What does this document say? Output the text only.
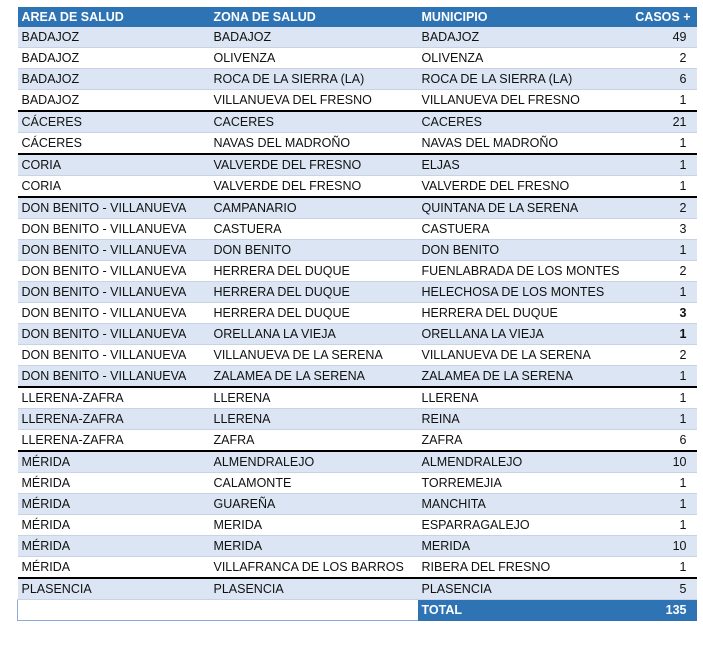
AREA DE SALUD	ZONA DE SALUD	MUNICIPIO	CASOS +
BADAJOZ	BADAJOZ	BADAJOZ	49
BADAJOZ	OLIVENZA	OLIVENZA	2
BADAJOZ	ROCA DE LA SIERRA (LA)	ROCA DE LA SIERRA (LA)	6
BADAJOZ	VILLANUEVA DEL FRESNO	VILLANUEVA DEL FRESNO	1
CÁCERES	CACERES	CACERES	21
CÁCERES	NAVAS DEL MADROÑO	NAVAS DEL MADROÑO	1
CORIA	VALVERDE DEL FRESNO	ELJAS	1
CORIA	VALVERDE DEL FRESNO	VALVERDE DEL FRESNO	1
DON BENITO - VILLANUEVA	CAMPANARIO	QUINTANA DE LA SERENA	2
DON BENITO - VILLANUEVA	CASTUERA	CASTUERA	3
DON BENITO - VILLANUEVA	DON BENITO	DON BENITO	1
DON BENITO - VILLANUEVA	HERRERA DEL DUQUE	FUENLABRADA DE LOS MONTES	2
DON BENITO - VILLANUEVA	HERRERA DEL DUQUE	HELECHOSA DE LOS MONTES	1
DON BENITO - VILLANUEVA	HERRERA DEL DUQUE	HERRERA DEL DUQUE	3
DON BENITO - VILLANUEVA	ORELLANA LA VIEJA	ORELLANA LA VIEJA	1
DON BENITO - VILLANUEVA	VILLANUEVA DE LA SERENA	VILLANUEVA DE LA SERENA	2
DON BENITO - VILLANUEVA	ZALAMEA DE LA SERENA	ZALAMEA DE LA SERENA	1
LLERENA-ZAFRA	LLERENA	LLERENA	1
LLERENA-ZAFRA	LLERENA	REINA	1
LLERENA-ZAFRA	ZAFRA	ZAFRA	6
MÉRIDA	ALMENDRALEJO	ALMENDRALEJO	10
MÉRIDA	CALAMONTE	TORREMEJIA	1
MÉRIDA	GUAREÑA	MANCHITA	1
MÉRIDA	MERIDA	ESPARRAGALEJO	1
MÉRIDA	MERIDA	MERIDA	10
MÉRIDA	VILLAFRANCA DE LOS BARROS	RIBERA DEL FRESNO	1
PLASENCIA	PLASENCIA	PLASENCIA	5
		TOTAL	135
